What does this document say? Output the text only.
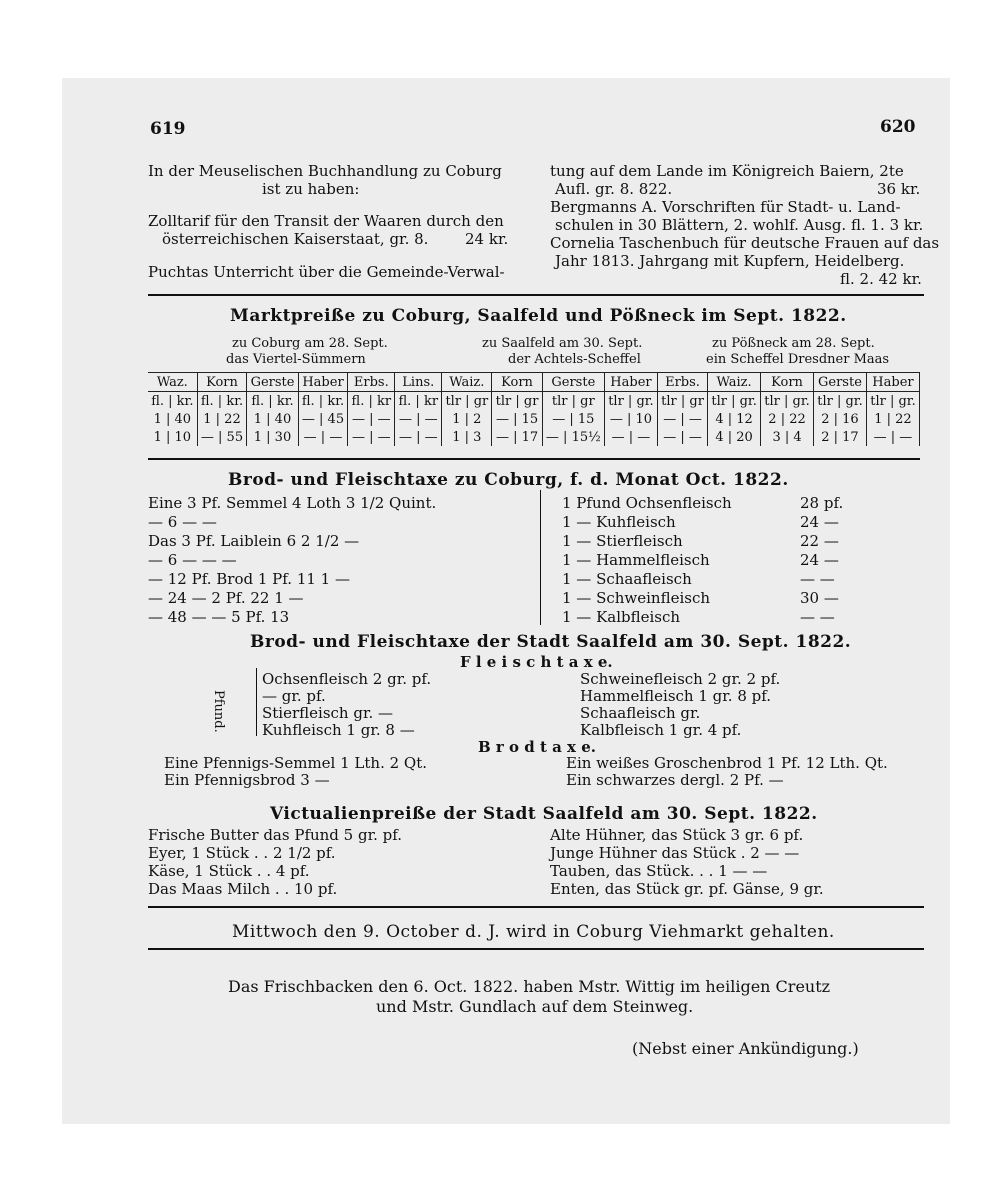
619	620
In der Meuselischen Buchhandlung zu Coburg
ist zu haben:
Zolltarif für den Transit der Waaren durch den
österreichischen Kaiserstaat, gr. 8. 24 kr.
Puchtas Unterricht über die Gemeinde-Verwal-
tung auf dem Lande im Königreich Baiern, 2te
Aufl. gr. 8. 822.	36 kr.
Bergmanns A. Vorschriften für Stadt- u. Land-
schulen in 30 Blättern, 2. wohlf. Ausg. fl. 1. 3 kr.
Cornelia Taschenbuch für deutsche Frauen auf das
Jahr 1813. Jahrgang mit Kupfern, Heidelberg.
fl. 2. 42 kr.
Marktpreiße zu Coburg, Saalfeld und Pößneck im Sept. 1822.
zu Coburg am 28. Sept.
das Viertel-Sümmern
zu Saalfeld am 30. Sept.
der Achtels-Scheffel
zu Pößneck am 28. Sept.
ein Scheffel Dresdner Maas
Waz.	Korn	Gerste	Haber	Erbs.	Lins.	Waiz.	Korn	Gerste	Haber	Erbs.	Waiz.	Korn	Gerste	Haber
fl. | kr.	fl. | kr.	fl. | kr.	fl. | kr.	fl. | kr	fl. | kr	tlr | gr	tlr | gr	tlr | gr	tlr | gr.	tlr | gr	tlr | gr.	tlr | gr.	tlr | gr.	tlr | gr.
1 | 40	1 | 22	1 | 40	— | 45	— | —	— | —	1 | 2	— | 15	— | 15	— | 10	— | —	4 | 12	2 | 22	2 | 16	1 | 22
1 | 10	— | 55	1 | 30	— | —	— | —	— | —	1 | 3	— | 17	— | 15½	— | —	— | —	4 | 20	3 | 4	2 | 17	— | —
Brod- und Fleischtaxe zu Coburg, f. d. Monat Oct. 1822.
Eine 3 Pf. Semmel 4 Loth 3 1/2 Quint.
— 6 — —
Das 3 Pf. Laiblein 6 2 1/2 —
— 6 — — —
— 12 Pf. Brod 1 Pf. 11 1 —
— 24 — 2 Pf. 22 1 —
— 48 — — 5 Pf. 13
1 Pfund Ochsenfleisch	28 pf.
1 — Kuhfleisch	24 —
1 — Stierfleisch	22 —
1 — Hammelfleisch	24 —
1 — Schaafleisch	— —
1 — Schweinfleisch	30 —
1 — Kalbfleisch	— —
Brod- und Fleischtaxe der Stadt Saalfeld am 30. Sept. 1822.
F l e i s c h t a x e.
Pfund.
Ochsenfleisch 2 gr. pf.
— gr. pf.
Stierfleisch gr. —
Kuhfleisch 1 gr. 8 —
Schweinefleisch 2 gr. 2 pf.
Hammelfleisch 1 gr. 8 pf.
Schaafleisch gr.
Kalbfleisch 1 gr. 4 pf.
B r o d t a x e.
Eine Pfennigs-Semmel 1 Lth. 2 Qt.
Ein Pfennigsbrod 3 —
Ein weißes Groschenbrod 1 Pf. 12 Lth. Qt.
Ein schwarzes dergl. 2 Pf. —
Victualienpreiße der Stadt Saalfeld am 30. Sept. 1822.
Frische Butter das Pfund 5 gr. pf.
Eyer, 1 Stück . . 2 1/2 pf.
Käse, 1 Stück . . 4 pf.
Das Maas Milch . . 10 pf.
Alte Hühner, das Stück 3 gr. 6 pf.
Junge Hühner das Stück . 2 — —
Tauben, das Stück. . . 1 — —
Enten, das Stück gr. pf. Gänse, 9 gr.
Mittwoch den 9. October d. J. wird in Coburg Viehmarkt gehalten.
Das Frischbacken den 6. Oct. 1822. haben Mstr. Wittig im heiligen Creutz
und Mstr. Gundlach auf dem Steinweg.
(Nebst einer Ankündigung.)
